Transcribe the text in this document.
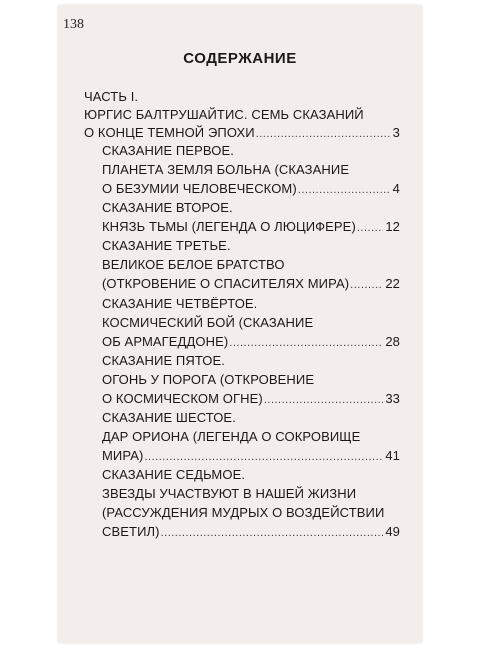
138
СОДЕРЖАНИЕ
ЧАСТЬ I.
ЮРГИС БАЛТРУШАЙТИС. СЕМЬ СКАЗАНИЙ
О КОНЦЕ ТЕМНОЙ ЭПОХИ .....	3
СКАЗАНИЕ ПЕРВОЕ.
ПЛАНЕТА ЗЕМЛЯ БОЛЬНА (СКАЗАНИЕ
О БЕЗУМИИ ЧЕЛОВЕЧЕСКОМ) .....	4
СКАЗАНИЕ ВТОРОЕ.
КНЯЗЬ ТЬМЫ (ЛЕГЕНДА О ЛЮЦИФЕРЕ) ..... 12
СКАЗАНИЕ ТРЕТЬЕ.
ВЕЛИКОЕ БЕЛОЕ БРАТСТВО
(ОТКРОВЕНИЕ О СПАСИТЕЛЯХ МИРА) .....	22
СКАЗАНИЕ ЧЕТВЁРТОЕ.
КОСМИЧЕСКИЙ БОЙ (СКАЗАНИЕ
ОБ АРМАГЕДДОНЕ) .....	28
СКАЗАНИЕ ПЯТОЕ.
ОГОНЬ У ПОРОГА (ОТКРОВЕНИЕ
О КОСМИЧЕСКОМ ОГНЕ) .....	33
СКАЗАНИЕ ШЕСТОЕ.
ДАР ОРИОНА (ЛЕГЕНДА О СОКРОВИЩЕ
МИРА) .....	41
СКАЗАНИЕ СЕДЬМОЕ.
ЗВЕЗДЫ УЧАСТВУЮТ В НАШЕЙ ЖИЗНИ
(РАССУЖДЕНИЯ МУДРЫХ О ВОЗДЕЙСТВИИ
СВЕТИЛ) .....	49
